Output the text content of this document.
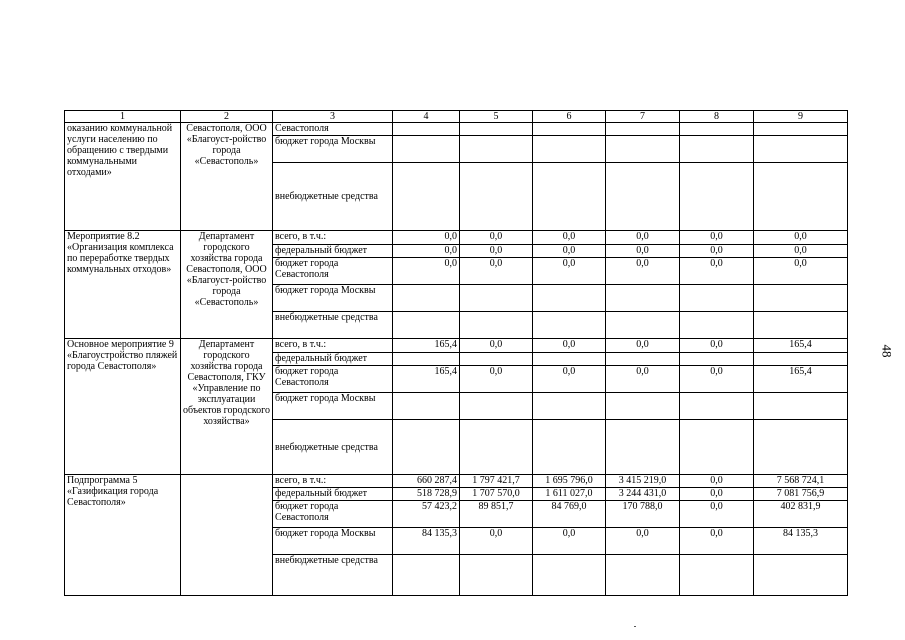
1	2	3	4	5	6	7	8	9
оказанию коммунальной услуги населению по обращению с твердыми коммунальными отходами»	Севастополя, ООО «Благоуст-ройство города «Севастополь»	Севастополя						
		бюджет города Москвы						
		внебюджетные средства						
Мероприятие 8.2 «Организация комплекса по переработке твердых коммунальных отходов»	Департамент городского хозяйства города Севастополя, ООО «Благоуст-ройство города «Севастополь»	всего, в т.ч.:	0,0	0,0	0,0	0,0	0,0	0,0
		федеральный бюджет	0,0	0,0	0,0	0,0	0,0	0,0
		бюджет города Севастополя	0,0	0,0	0,0	0,0	0,0	0,0
		бюджет города Москвы						
		внебюджетные средства						
Основное мероприятие 9 «Благоустройство пляжей города Севастополя»	Департамент городского хозяйства города Севастополя, ГКУ «Управление по эксплуатации объектов городского хозяйства»	всего, в т.ч.:	165,4	0,0	0,0	0,0	0,0	165,4
		федеральный бюджет						
		бюджет города Севастополя	165,4	0,0	0,0	0,0	0,0	165,4
		бюджет города Москвы						
		внебюджетные средства						
Подпрограмма 5 «Газификация города Севастополя»		всего, в т.ч.:	660 287,4	1 797 421,7	1 695 796,0	3 415 219,0	0,0	7 568 724,1
		федеральный бюджет	518 728,9	1 707 570,0	1 611 027,0	3 244 431,0	0,0	7 081 756,9
		бюджет города Севастополя	57 423,2	89 851,7	84 769,0	170 788,0	0,0	402 831,9
		бюджет города Москвы	84 135,3	0,0	0,0	0,0	0,0	84 135,3
		внебюджетные средства						
48
